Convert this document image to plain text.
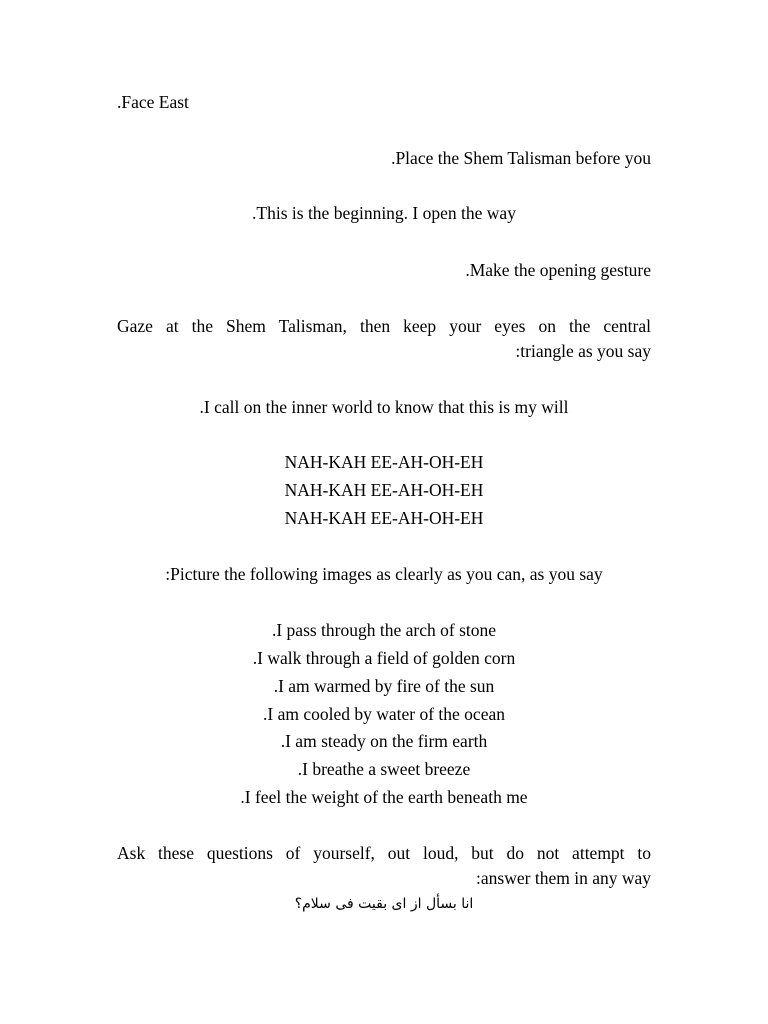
.Face East
.Place the Shem Talisman before you
.This is the beginning. I open the way
.Make the opening gesture
Gaze at the Shem Talisman, then keep your eyes on the central
:triangle as you say
.I call on the inner world to know that this is my will
NAH-KAH EE-AH-OH-EH
NAH-KAH EE-AH-OH-EH
NAH-KAH EE-AH-OH-EH
:Picture the following images as clearly as you can, as you say
.I pass through the arch of stone
.I walk through a field of golden corn
.I am warmed by fire of the sun
.I am cooled by water of the ocean
.I am steady on the firm earth
.I breathe a sweet breeze
.I feel the weight of the earth beneath me
Ask these questions of yourself, out loud, but do not attempt to
:answer them in any way
انا بسأل از ای بقیت فی سلام؟
